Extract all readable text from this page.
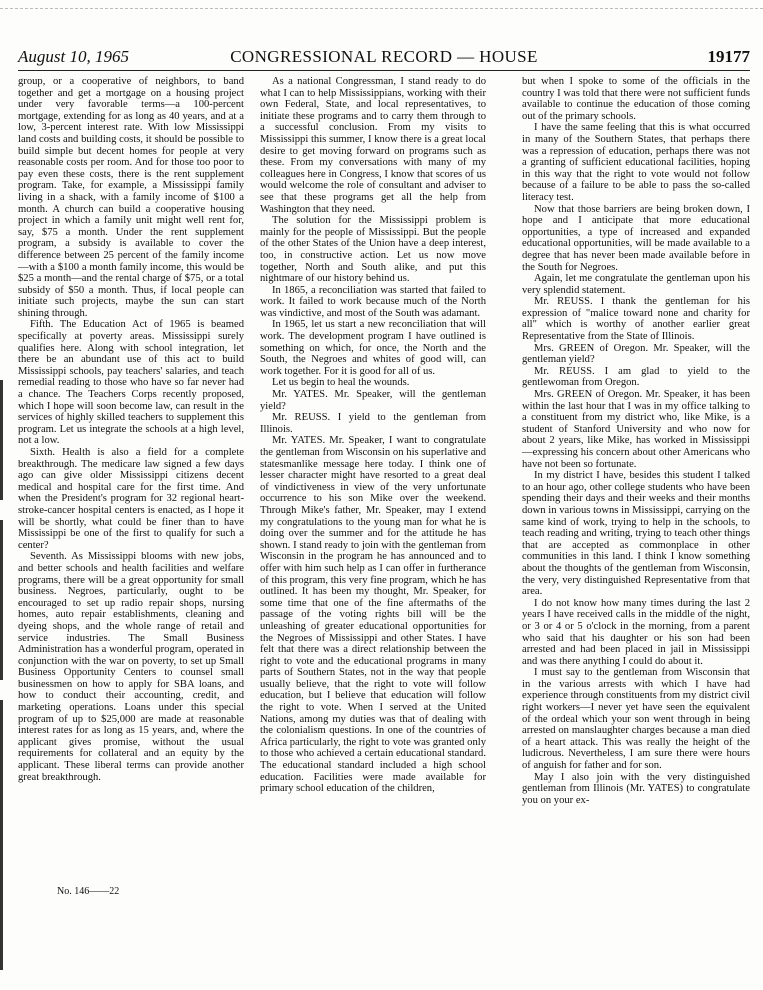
August 10, 1965	CONGRESSIONAL RECORD — HOUSE	19177

group, or a cooperative of neighbors, to band together and get a mortgage on a housing project under very favorable terms—a 100-percent mortgage, extending for as long as 40 years, and at a low, 3-percent interest rate. With low Mississippi land costs and building costs, it should be possible to build simple but decent homes for people at very reasonable costs per room. And for those too poor to pay even these costs, there is the rent supplement program. Take, for example, a Mississippi family living in a shack, with a family income of $100 a month. A church can build a cooperative housing project in which a family unit might well rent for, say, $75 a month. Under the rent supplement program, a subsidy is available to cover the difference between 25 percent of the family income—with a $100 a month family income, this would be $25 a month—and the rental charge of $75, or a total subsidy of $50 a month. Thus, if local people can initiate such projects, maybe the sun can start shining through.

Fifth. The Education Act of 1965 is beamed specifically at poverty areas. Mississippi surely qualifies here. Along with school integration, let there be an abundant use of this act to build Mississippi schools, pay teachers' salaries, and teach remedial reading to those who have so far never had a chance. The Teachers Corps recently proposed, which I hope will soon become law, can result in the services of highly skilled teachers to supplement this program. Let us integrate the schools at a high level, not a low.

Sixth. Health is also a field for a complete breakthrough. The medicare law signed a few days ago can give older Mississippi citizens decent medical and hospital care for the first time. And when the President's program for 32 regional heart-stroke-cancer hospital centers is enacted, as I hope it will be shortly, what could be finer than to have Mississippi be one of the first to qualify for such a center?

Seventh. As Mississippi blooms with new jobs, and better schools and health facilities and welfare programs, there will be a great opportunity for small business. Negroes, particularly, ought to be encouraged to set up radio repair shops, nursing homes, auto repair establishments, cleaning and dyeing shops, and the whole range of retail and service industries. The Small Business Administration has a wonderful program, operated in conjunction with the war on poverty, to set up Small Business Opportunity Centers to counsel small businessmen on how to apply for SBA loans, and how to conduct their accounting, credit, and marketing operations. Loans under this special program of up to $25,000 are made at reasonable interest rates for as long as 15 years, and, where the applicant gives promise, without the usual requirements for collateral and an equity by the applicant. These liberal terms can provide another great breakthrough.

As a national Congressman, I stand ready to do what I can to help Mississippians, working with their own Federal, State, and local representatives, to initiate these programs and to carry them through to a successful conclusion. From my visits to Mississippi this summer, I know there is a great local desire to get moving forward on programs such as these. From my conversations with many of my colleagues here in Congress, I know that scores of us would welcome the role of consultant and adviser to see that these programs get all the help from Washington that they need.

The solution for the Mississippi problem is mainly for the people of Mississippi. But the people of the other States of the Union have a deep interest, too, in constructive action. Let us now move together, North and South alike, and put this nightmare of our history behind us.

In 1865, a reconciliation was started that failed to work. It failed to work because much of the North was vindictive, and most of the South was adamant.

In 1965, let us start a new reconciliation that will work. The development program I have outlined is something on which, for once, the North and the South, the Negroes and whites of good will, can work together. For it is good for all of us.

Let us begin to heal the wounds.

Mr. YATES. Mr. Speaker, will the gentleman yield?

Mr. REUSS. I yield to the gentleman from Illinois.

Mr. YATES. Mr. Speaker, I want to congratulate the gentleman from Wisconsin on his superlative and statesmanlike message here today. I think one of lesser character might have resorted to a great deal of vindictiveness in view of the very unfortunate occurrence to his son Mike over the weekend. Through Mike's father, Mr. Speaker, may I extend my congratulations to the young man for what he is doing over the summer and for the attitude he has shown. I stand ready to join with the gentleman from Wisconsin in the program he has announced and to offer with him such help as I can offer in furtherance of this program, this very fine program, which he has outlined. It has been my thought, Mr. Speaker, for some time that one of the fine aftermaths of the passage of the voting rights bill will be the unleashing of greater educational opportunities for the Negroes of Mississippi and other States. I have felt that there was a direct relationship between the right to vote and the educational programs in many parts of Southern States, not in the way that people usually believe, that the right to vote will follow education, but I believe that education will follow the right to vote. When I served at the United Nations, among my duties was that of dealing with the colonialism questions. In one of the countries of Africa particularly, the right to vote was granted only to those who achieved a certain educational standard. The educational standard included a high school education. Facilities were made available for primary school education of the children,

but when I spoke to some of the officials in the country I was told that there were not sufficient funds available to continue the education of those coming out of the primary schools.

I have the same feeling that this is what occurred in many of the Southern States, that perhaps there was a repression of education, perhaps there was not a granting of sufficient educational facilities, hoping in this way that the right to vote would not follow because of a failure to be able to pass the so-called literacy test.

Now that those barriers are being broken down, I hope and I anticipate that more educational opportunities, a type of increased and expanded educational opportunities, will be made available to a degree that has never been made available before in the South for Negroes.

Again, let me congratulate the gentleman upon his very splendid statement.

Mr. REUSS. I thank the gentleman for his expression of "malice toward none and charity for all" which is worthy of another earlier great Representative from the State of Illinois.

Mrs. GREEN of Oregon. Mr. Speaker, will the gentleman yield?

Mr. REUSS. I am glad to yield to the gentlewoman from Oregon.

Mrs. GREEN of Oregon. Mr. Speaker, it has been within the last hour that I was in my office talking to a constituent from my district who, like Mike, is a student of Stanford University and who now for about 2 years, like Mike, has worked in Mississippi—expressing his concern about other Americans who have not been so fortunate.

In my district I have, besides this student I talked to an hour ago, other college students who have been spending their days and their weeks and their months down in various towns in Mississippi, carrying on the same kind of work, trying to help in the schools, to teach reading and writing, trying to teach other things that are accepted as commonplace in other communities in this land. I think I know something about the thoughts of the gentleman from Wisconsin, the very, very distinguished Representative from that area.

I do not know how many times during the last 2 years I have received calls in the middle of the night, or 3 or 4 or 5 o'clock in the morning, from a parent who said that his daughter or his son had been arrested and had been placed in jail in Mississippi and was there anything I could do about it.

I must say to the gentleman from Wisconsin that in the various arrests with which I have had experience through constituents from my district civil right workers—I never yet have seen the equivalent of the ordeal which your son went through in being arrested on manslaughter charges because a man died of a heart attack. This was really the height of the ludicrous. Nevertheless, I am sure there were hours of anguish for father and for son.

May I also join with the very distinguished gentleman from Illinois (Mr. YATES) to congratulate you on your ex-

No. 146——22
